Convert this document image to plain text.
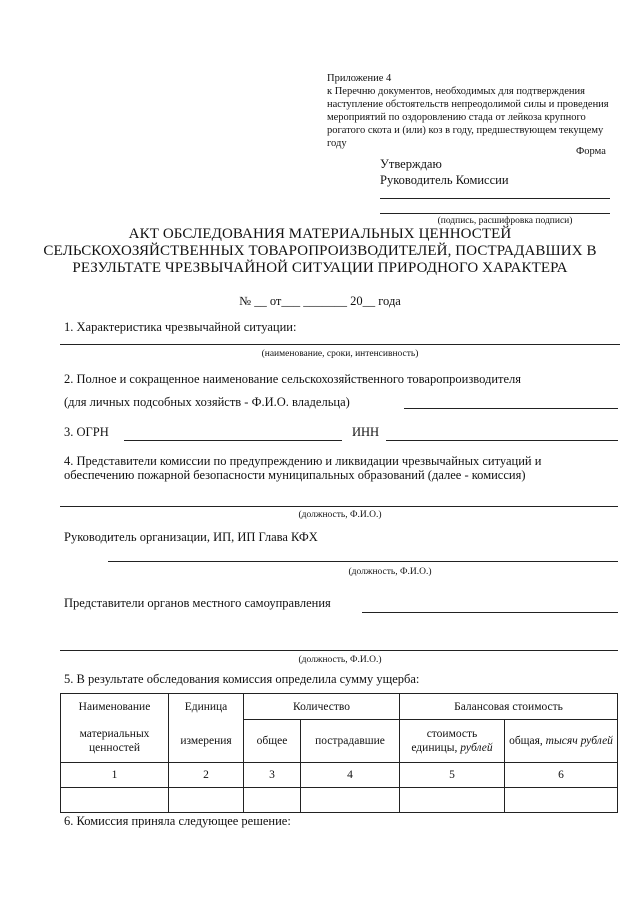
Приложение 4
к Перечню документов, необходимых для подтверждения
наступление обстоятельств непреодолимой силы и проведения
мероприятий по оздоровлению стада от лейкоза крупного
рогатого скота и (или) коз в году, предшествующем текущему
году
Форма
Утверждаю
Руководитель Комиссии
(подпись, расшифровка подписи)
АКТ ОБСЛЕДОВАНИЯ МАТЕРИАЛЬНЫХ ЦЕННОСТЕЙ
СЕЛЬСКОХОЗЯЙСТВЕННЫХ ТОВАРОПРОИЗВОДИТЕЛЕЙ, ПОСТРАДАВШИХ В
РЕЗУЛЬТАТЕ ЧРЕЗВЫЧАЙНОЙ СИТУАЦИИ ПРИРОДНОГО ХАРАКТЕРА
№ __ от___ _______ 20__ года
1. Характеристика чрезвычайной ситуации:
(наименование, сроки, интенсивность)
2. Полное и сокращенное наименование сельскохозяйственного товаропроизводителя
(для личных подсобных хозяйств - Ф.И.О. владельца)
3. ОГРН	ИНН
4. Представители комиссии по предупреждению и ликвидации чрезвычайных ситуаций и
обеспечению пожарной безопасности муниципальных образований (далее - комиссия)
(должность, Ф.И.О.)
Руководитель организации, ИП, ИП Глава КФХ
(должность, Ф.И.О.)
Представители органов местного самоуправления
(должность, Ф.И.О.)
5. В результате обследования комиссия определила сумму ущерба:
Наименование	Единица	Количество		Балансовая стоимость	
материальных ценностей	измерения	общее	пострадавшие	стоимость единицы, рублей	общая, тысяч рублей
1	2	3	4	5	6

6. Комиссия приняла следующее решение:
